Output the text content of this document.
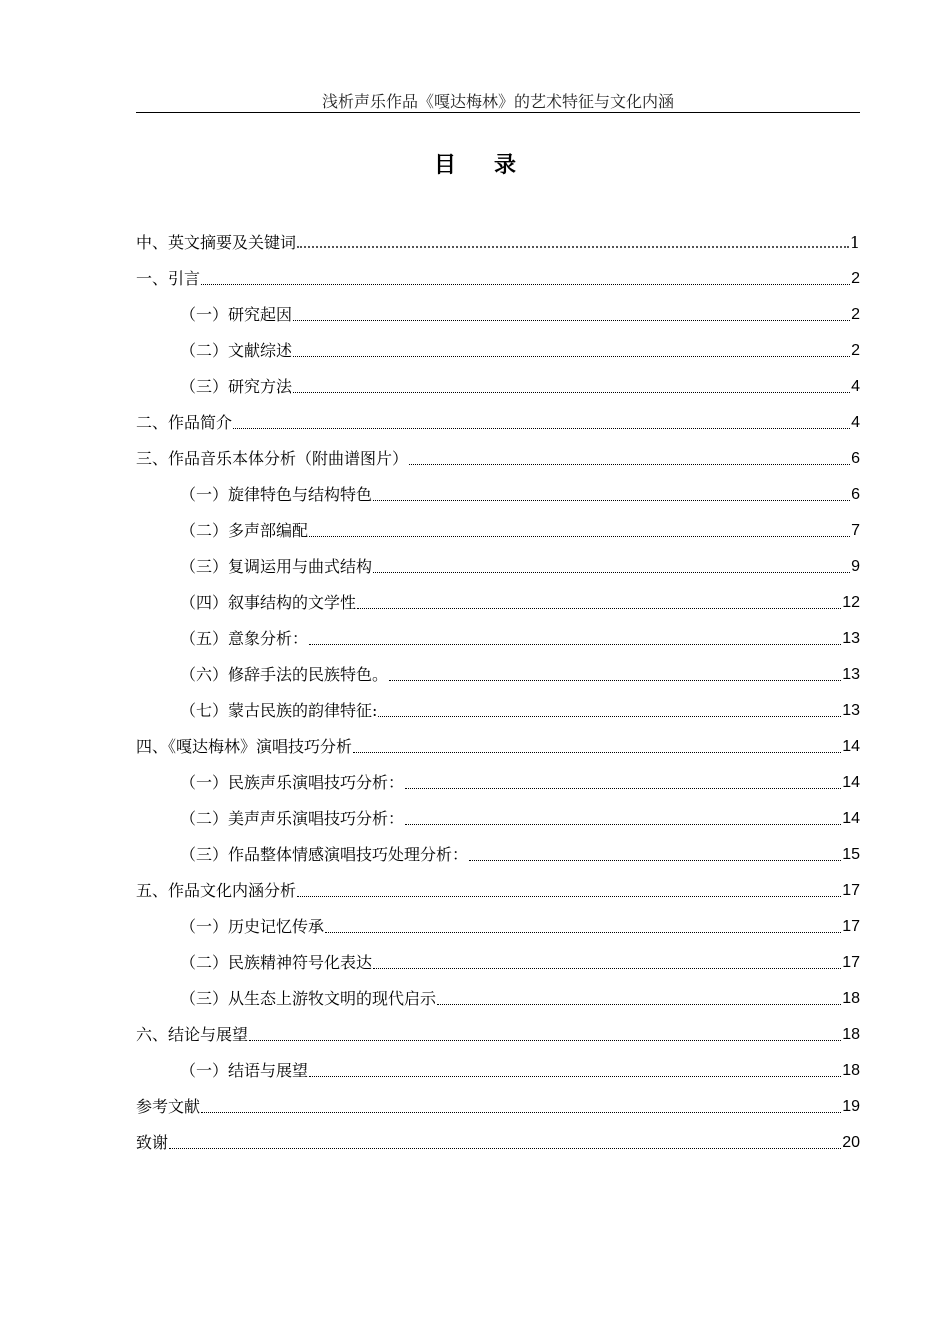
浅析声乐作品《嘎达梅林》的艺术特征与文化内涵
目录
中、英文摘要及关键词	1
一、引言	2
（一）研究起因	2
（二）文献综述	2
（三）研究方法	4
二、作品简介	4
三、作品音乐本体分析（附曲谱图片）	6
（一）旋律特色与结构特色	6
（二）多声部编配	7
（三）复调运用与曲式结构	9
（四）叙事结构的文学性	12
（五）意象分析：	13
（六）修辞手法的民族特色。	13
（七）蒙古民族的韵律特征:	13
四、《嘎达梅林》演唱技巧分析	14
（一）民族声乐演唱技巧分析：	14
（二）美声声乐演唱技巧分析：	14
（三）作品整体情感演唱技巧处理分析：	15
五、作品文化内涵分析	17
（一）历史记忆传承	17
（二）民族精神符号化表达	17
（三）从生态上游牧文明的现代启示	18
六、结论与展望	18
（一）结语与展望	18
参考文献	19
致谢	20
